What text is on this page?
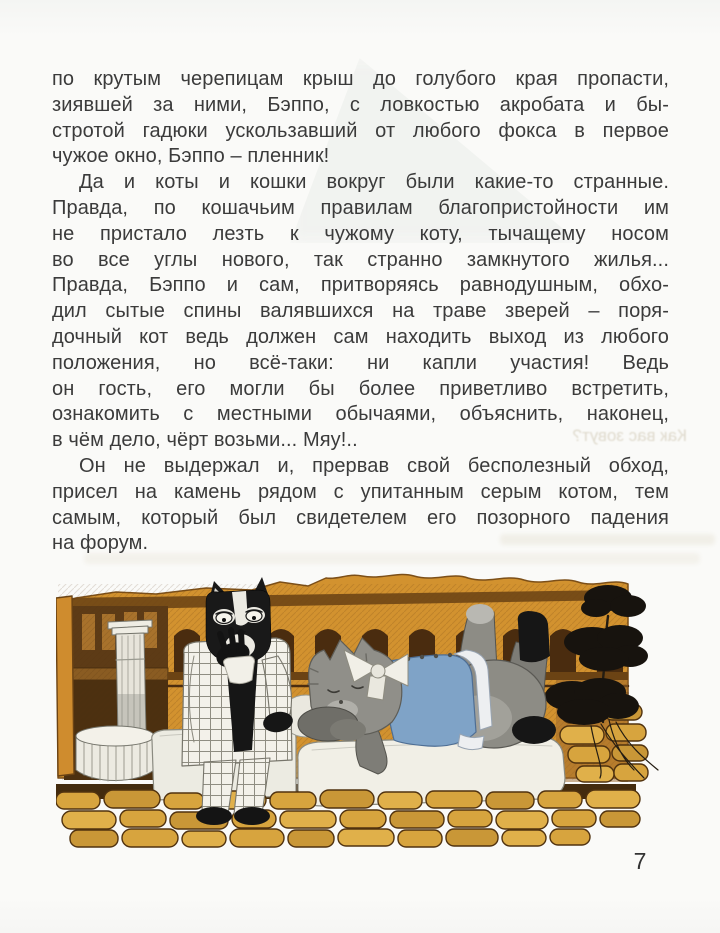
Как вас зовут?
по крутым черепицам крыш до голубого края пропасти,
зиявшей за ними, Бэппо, с ловкостью акробата и бы-
стротой гадюки ускользавший от любого фокса в первое
чужое окно, Бэппо – пленник!
Да и коты и кошки вокруг были какие-то странные.
Правда, по кошачьим правилам благопристойности им
не пристало лезть к чужому коту, тычащему носом
во все углы нового, так странно замкнутого жилья...
Правда, Бэппо и сам, притворяясь равнодушным, обхо-
дил сытые спины валявшихся на траве зверей – поря-
дочный кот ведь должен сам находить выход из любого
положения, но всё-таки: ни капли участия! Ведь
он гость, его могли бы более приветливо встретить,
ознакомить с местными обычаями, объяснить, наконец,
в чём дело, чёрт возьми... Мяу!..
Он не выдержал и, прервав свой бесполезный обход,
присел на камень рядом с упитанным серым котом, тем
самым, который был свидетелем его позорного падения
на форум.
7
